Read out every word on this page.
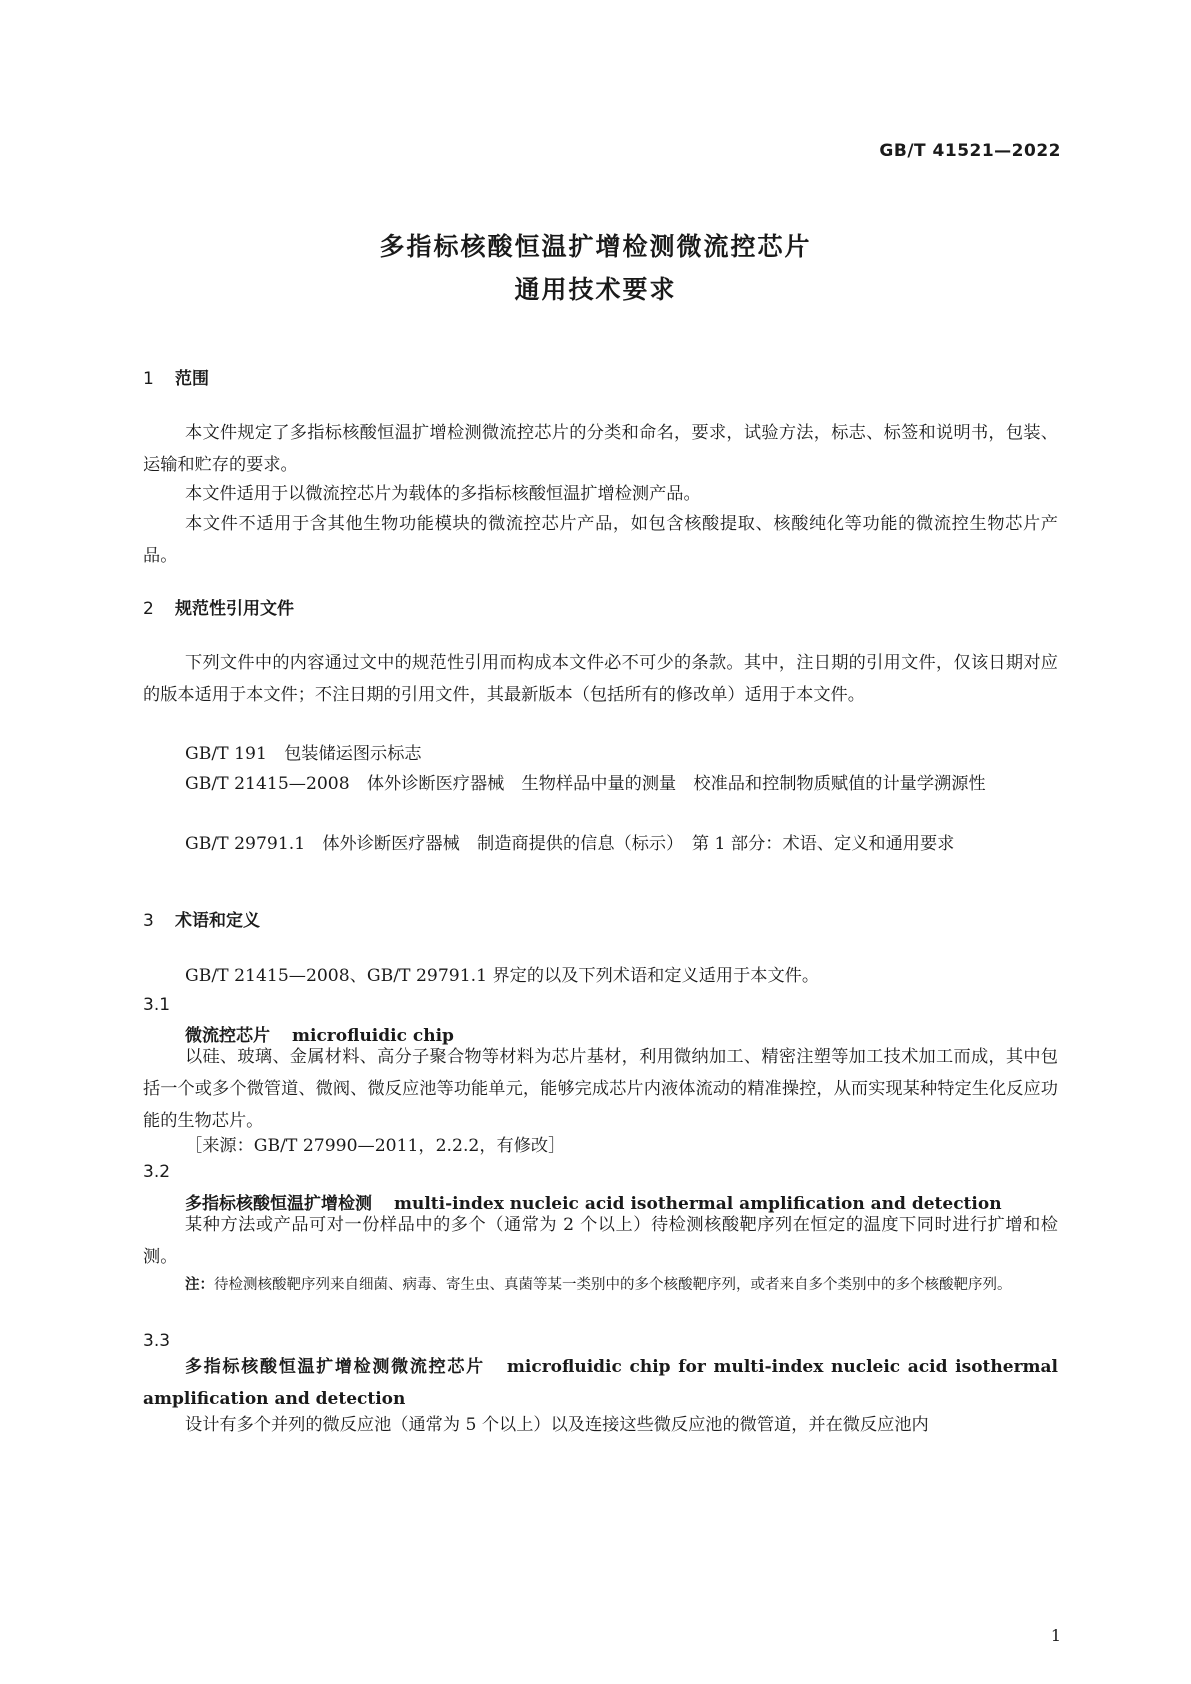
GB/T 41521—2022
多指标核酸恒温扩增检测微流控芯片
通用技术要求
1 范围
本文件规定了多指标核酸恒温扩增检测微流控芯片的分类和命名，要求，试验方法，标志、标签和说明书，包装、运输和贮存的要求。
本文件适用于以微流控芯片为载体的多指标核酸恒温扩增检测产品。
本文件不适用于含其他生物功能模块的微流控芯片产品，如包含核酸提取、核酸纯化等功能的微流控生物芯片产品。
2 规范性引用文件
下列文件中的内容通过文中的规范性引用而构成本文件必不可少的条款。其中，注日期的引用文件，仅该日期对应的版本适用于本文件；不注日期的引用文件，其最新版本（包括所有的修改单）适用于本文件。
GB/T 191　包装储运图示标志
GB/T 21415—2008　体外诊断医疗器械　生物样品中量的测量　校准品和控制物质赋值的计量学溯源性
GB/T 29791.1　体外诊断医疗器械　制造商提供的信息（标示）　第 1 部分：术语、定义和通用要求
3 术语和定义
GB/T 21415—2008、GB/T 29791.1 界定的以及下列术语和定义适用于本文件。
3.1
微流控芯片 microfluidic chip
以硅、玻璃、金属材料、高分子聚合物等材料为芯片基材，利用微纳加工、精密注塑等加工技术加工而成，其中包括一个或多个微管道、微阀、微反应池等功能单元，能够完成芯片内液体流动的精准操控，从而实现某种特定生化反应功能的生物芯片。
［来源：GB/T 27990—2011，2.2.2，有修改］
3.2
多指标核酸恒温扩增检测 multi-index nucleic acid isothermal amplification and detection
某种方法或产品可对一份样品中的多个（通常为 2 个以上）待检测核酸靶序列在恒定的温度下同时进行扩增和检测。
注：待检测核酸靶序列来自细菌、病毒、寄生虫、真菌等某一类别中的多个核酸靶序列，或者来自多个类别中的多个核酸靶序列。
3.3
多指标核酸恒温扩增检测微流控芯片 microfluidic chip for multi-index nucleic acid isothermal amplification and detection
设计有多个并列的微反应池（通常为 5 个以上）以及连接这些微反应池的微管道，并在微反应池内
1
